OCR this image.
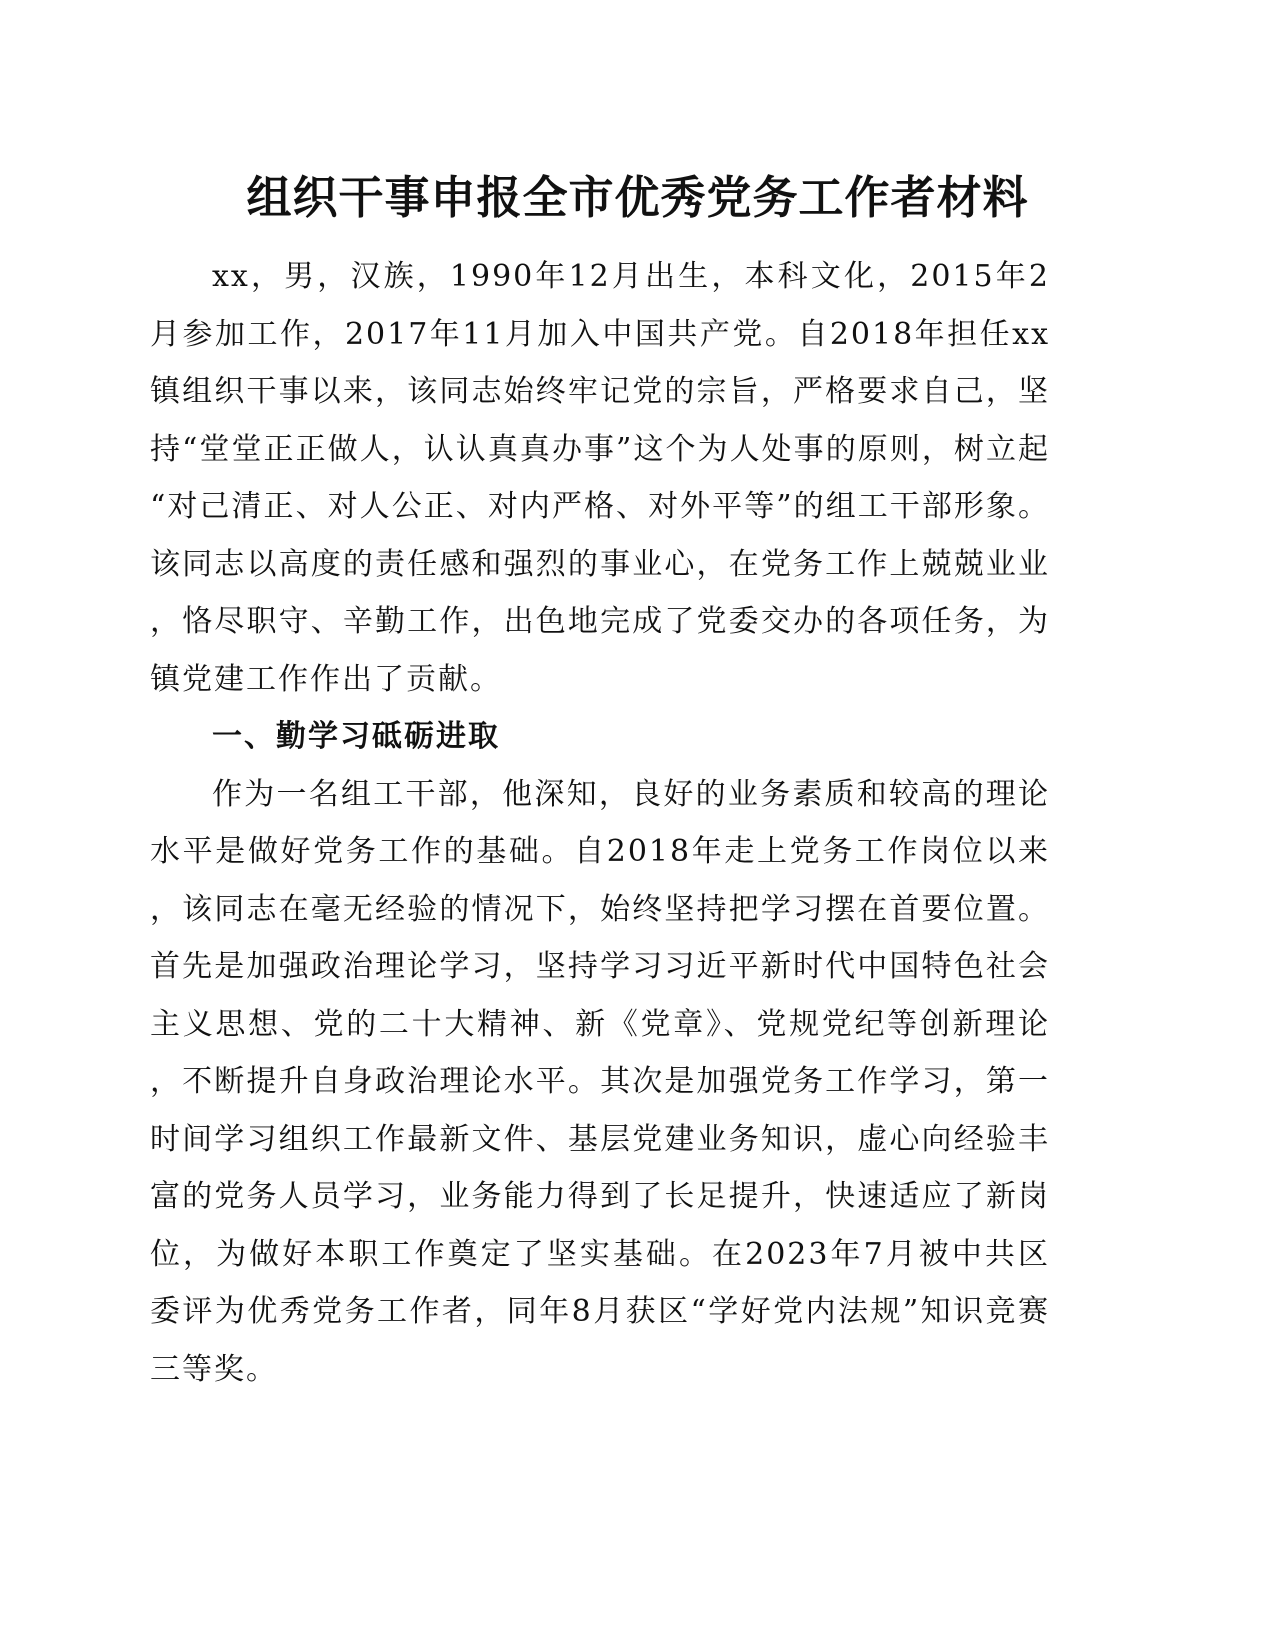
组织干事申报全市优秀党务工作者材料

xx，男，汉族，1990年12月出生，本科文化，2015年2月参加工作，2017年11月加入中国共产党。自2018年担任xx镇组织干事以来，该同志始终牢记党的宗旨，严格要求自己，坚持“堂堂正正做人，认认真真办事”这个为人处事的原则，树立起“对己清正、对人公正、对内严格、对外平等”的组工干部形象。该同志以高度的责任感和强烈的事业心，在党务工作上兢兢业业，恪尽职守、辛勤工作，出色地完成了党委交办的各项任务，为镇党建工作作出了贡献。

一、勤学习砥砺进取

作为一名组工干部，他深知，良好的业务素质和较高的理论水平是做好党务工作的基础。自2018年走上党务工作岗位以来，该同志在毫无经验的情况下，始终坚持把学习摆在首要位置。首先是加强政治理论学习，坚持学习习近平新时代中国特色社会主义思想、党的二十大精神、新《党章》、党规党纪等创新理论，不断提升自身政治理论水平。其次是加强党务工作学习，第一时间学习组织工作最新文件、基层党建业务知识，虚心向经验丰富的党务人员学习，业务能力得到了长足提升，快速适应了新岗位，为做好本职工作奠定了坚实基础。在2023年7月被中共区委评为优秀党务工作者，同年8月获区“学好党内法规”知识竞赛三等奖。
